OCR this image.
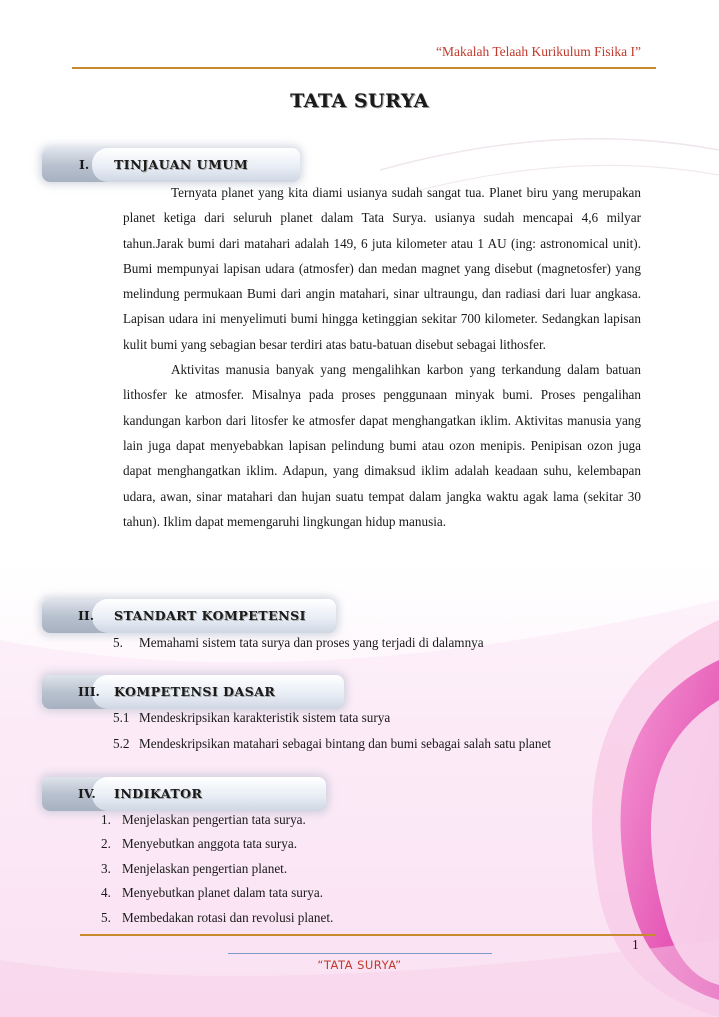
“Makalah Telaah Kurikulum Fisika I”
TATA SURYA
TINJAUAN UMUM
I.

Ternyata planet yang kita diami usianya sudah sangat tua. Planet biru yang merupakan planet ketiga dari seluruh planet dalam Tata Surya. usianya sudah mencapai 4,6 milyar tahun.Jarak bumi dari matahari adalah 149, 6 juta kilometer atau 1 AU (ing: astronomical unit). Bumi mempunyai lapisan udara (atmosfer) dan medan magnet yang disebut (magnetosfer) yang melindung permukaan Bumi dari angin matahari, sinar ultraungu, dan radiasi dari luar angkasa. Lapisan udara ini menyelimuti bumi hingga ketinggian sekitar 700 kilometer. Sedangkan lapisan kulit bumi yang sebagian besar terdiri atas batu-batuan disebut sebagai lithosfer.

Aktivitas manusia banyak yang mengalihkan karbon yang terkandung dalam batuan lithosfer ke atmosfer. Misalnya pada proses penggunaan minyak bumi. Proses pengalihan kandungan karbon dari litosfer ke atmosfer dapat menghangatkan iklim. Aktivitas manusia yang lain juga dapat menyebabkan lapisan pelindung bumi atau ozon menipis. Penipisan ozon juga dapat menghangatkan iklim. Adapun, yang dimaksud iklim adalah keadaan suhu, kelembapan udara, awan, sinar matahari dan hujan suatu tempat dalam jangka waktu agak lama (sekitar 30 tahun). Iklim dapat memengaruhi lingkungan hidup manusia.

STANDART KOMPETENSI
II.
5. Memahami sistem tata surya dan proses yang terjadi di dalamnya
KOMPETENSI DASAR
III.
5.1 Mendeskripsikan karakteristik sistem tata surya
5.2 Mendeskripsikan matahari sebagai bintang dan bumi sebagai salah satu planet
INDIKATOR
IV.
1. Menjelaskan pengertian tata surya.
2. Menyebutkan anggota tata surya.
3. Menjelaskan pengertian planet.
4. Menyebutkan planet dalam tata surya.
5. Membedakan rotasi dan revolusi planet.
1
“TATA SURYA”
